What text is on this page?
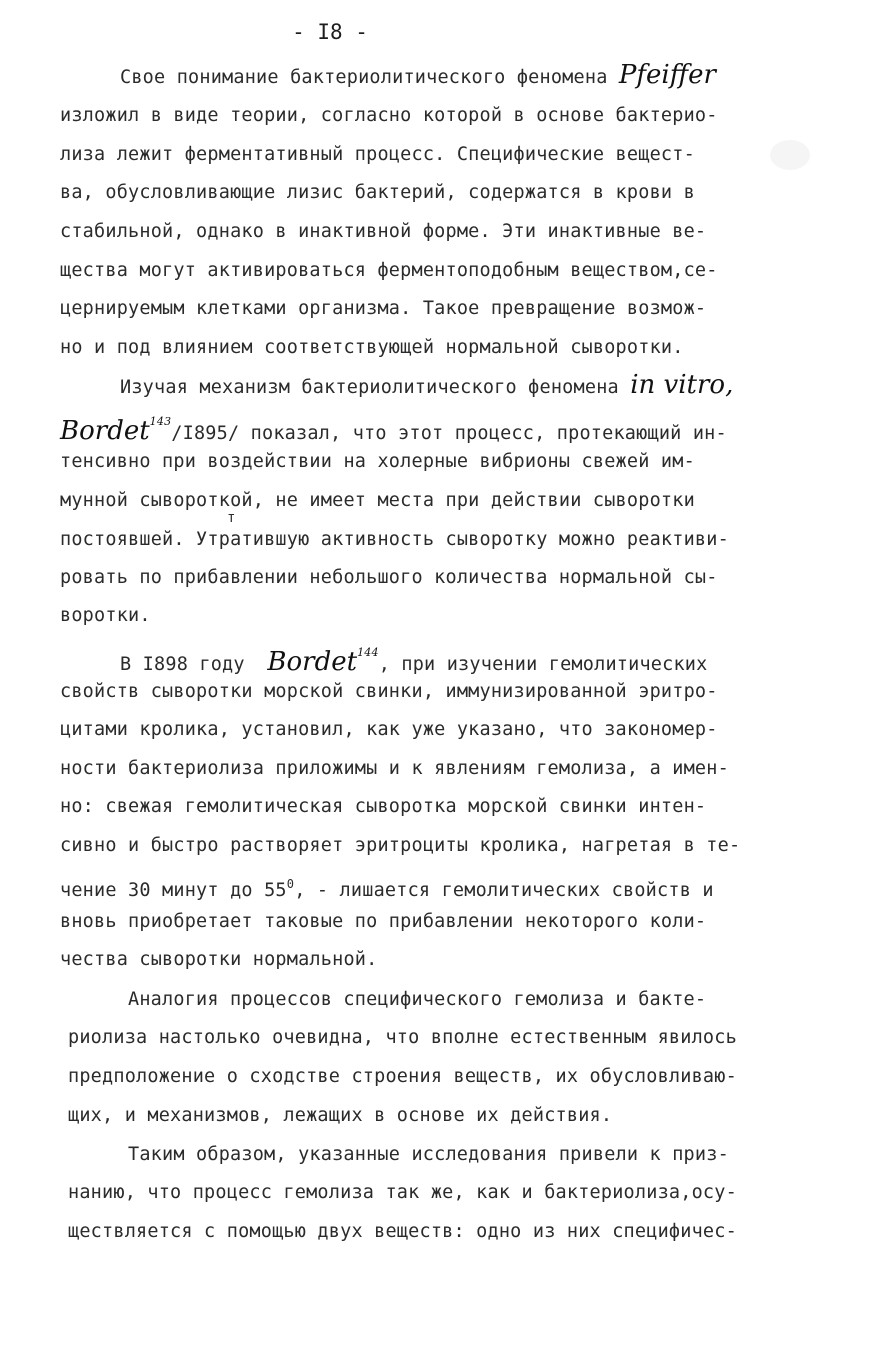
- I8 -
Свое понимание бактериолитического феномена Pfeiffer
изложил в виде теории, согласно которой в основе бактерио-
лиза лежит ферментативный процесс. Специфические вещест-
ва, обусловливающие лизис бактерий, содержатся в крови в
стабильной, однако в инактивной форме. Эти инактивные ве-
щества могут активироваться ферментоподобным веществом,се-
цернируемым клетками организма. Такое превращение возмож-
но и под влиянием соответствующей нормальной сыворотки.
Изучая механизм бактериолитического феномена in vitro,
Bordet$^{143}$/I895/ показал, что этот процесс, протекающий ин-
тенсивно при воздействии на холерные вибрионы свежей им-
мунной сывороткой, не имеет места при действии сыворотки
т
постоявшей. Утратившую активность сыворотку можно реактиви-
ровать по прибавлении небольшого количества нормальной сы-
воротки.
В I898 году Bordet$^{144}$, при изучении гемолитических
свойств сыворотки морской свинки, иммунизированной эритро-
цитами кролика, установил, как уже указано, что закономер-
ности бактериолиза приложимы и к явлениям гемолиза, а имен-
но: свежая гемолитическая сыворотка морской свинки интен-
сивно и быстро растворяет эритроциты кролика, нагретая в те-
чение 30 минут до $55^0$, - лишается гемолитических свойств и
вновь приобретает таковые по прибавлении некоторого коли-
чества сыворотки нормальной.
Аналогия процессов специфического гемолиза и бакте-
риолиза настолько очевидна, что вполне естественным явилось
предположение о сходстве строения веществ, их обусловливаю-
щих, и механизмов, лежащих в основе их действия.
Таким образом, указанные исследования привели к приз-
нанию, что процесс гемолиза так же, как и бактериолиза,осу-
ществляется с помощью двух веществ: одно из них специфичес-
